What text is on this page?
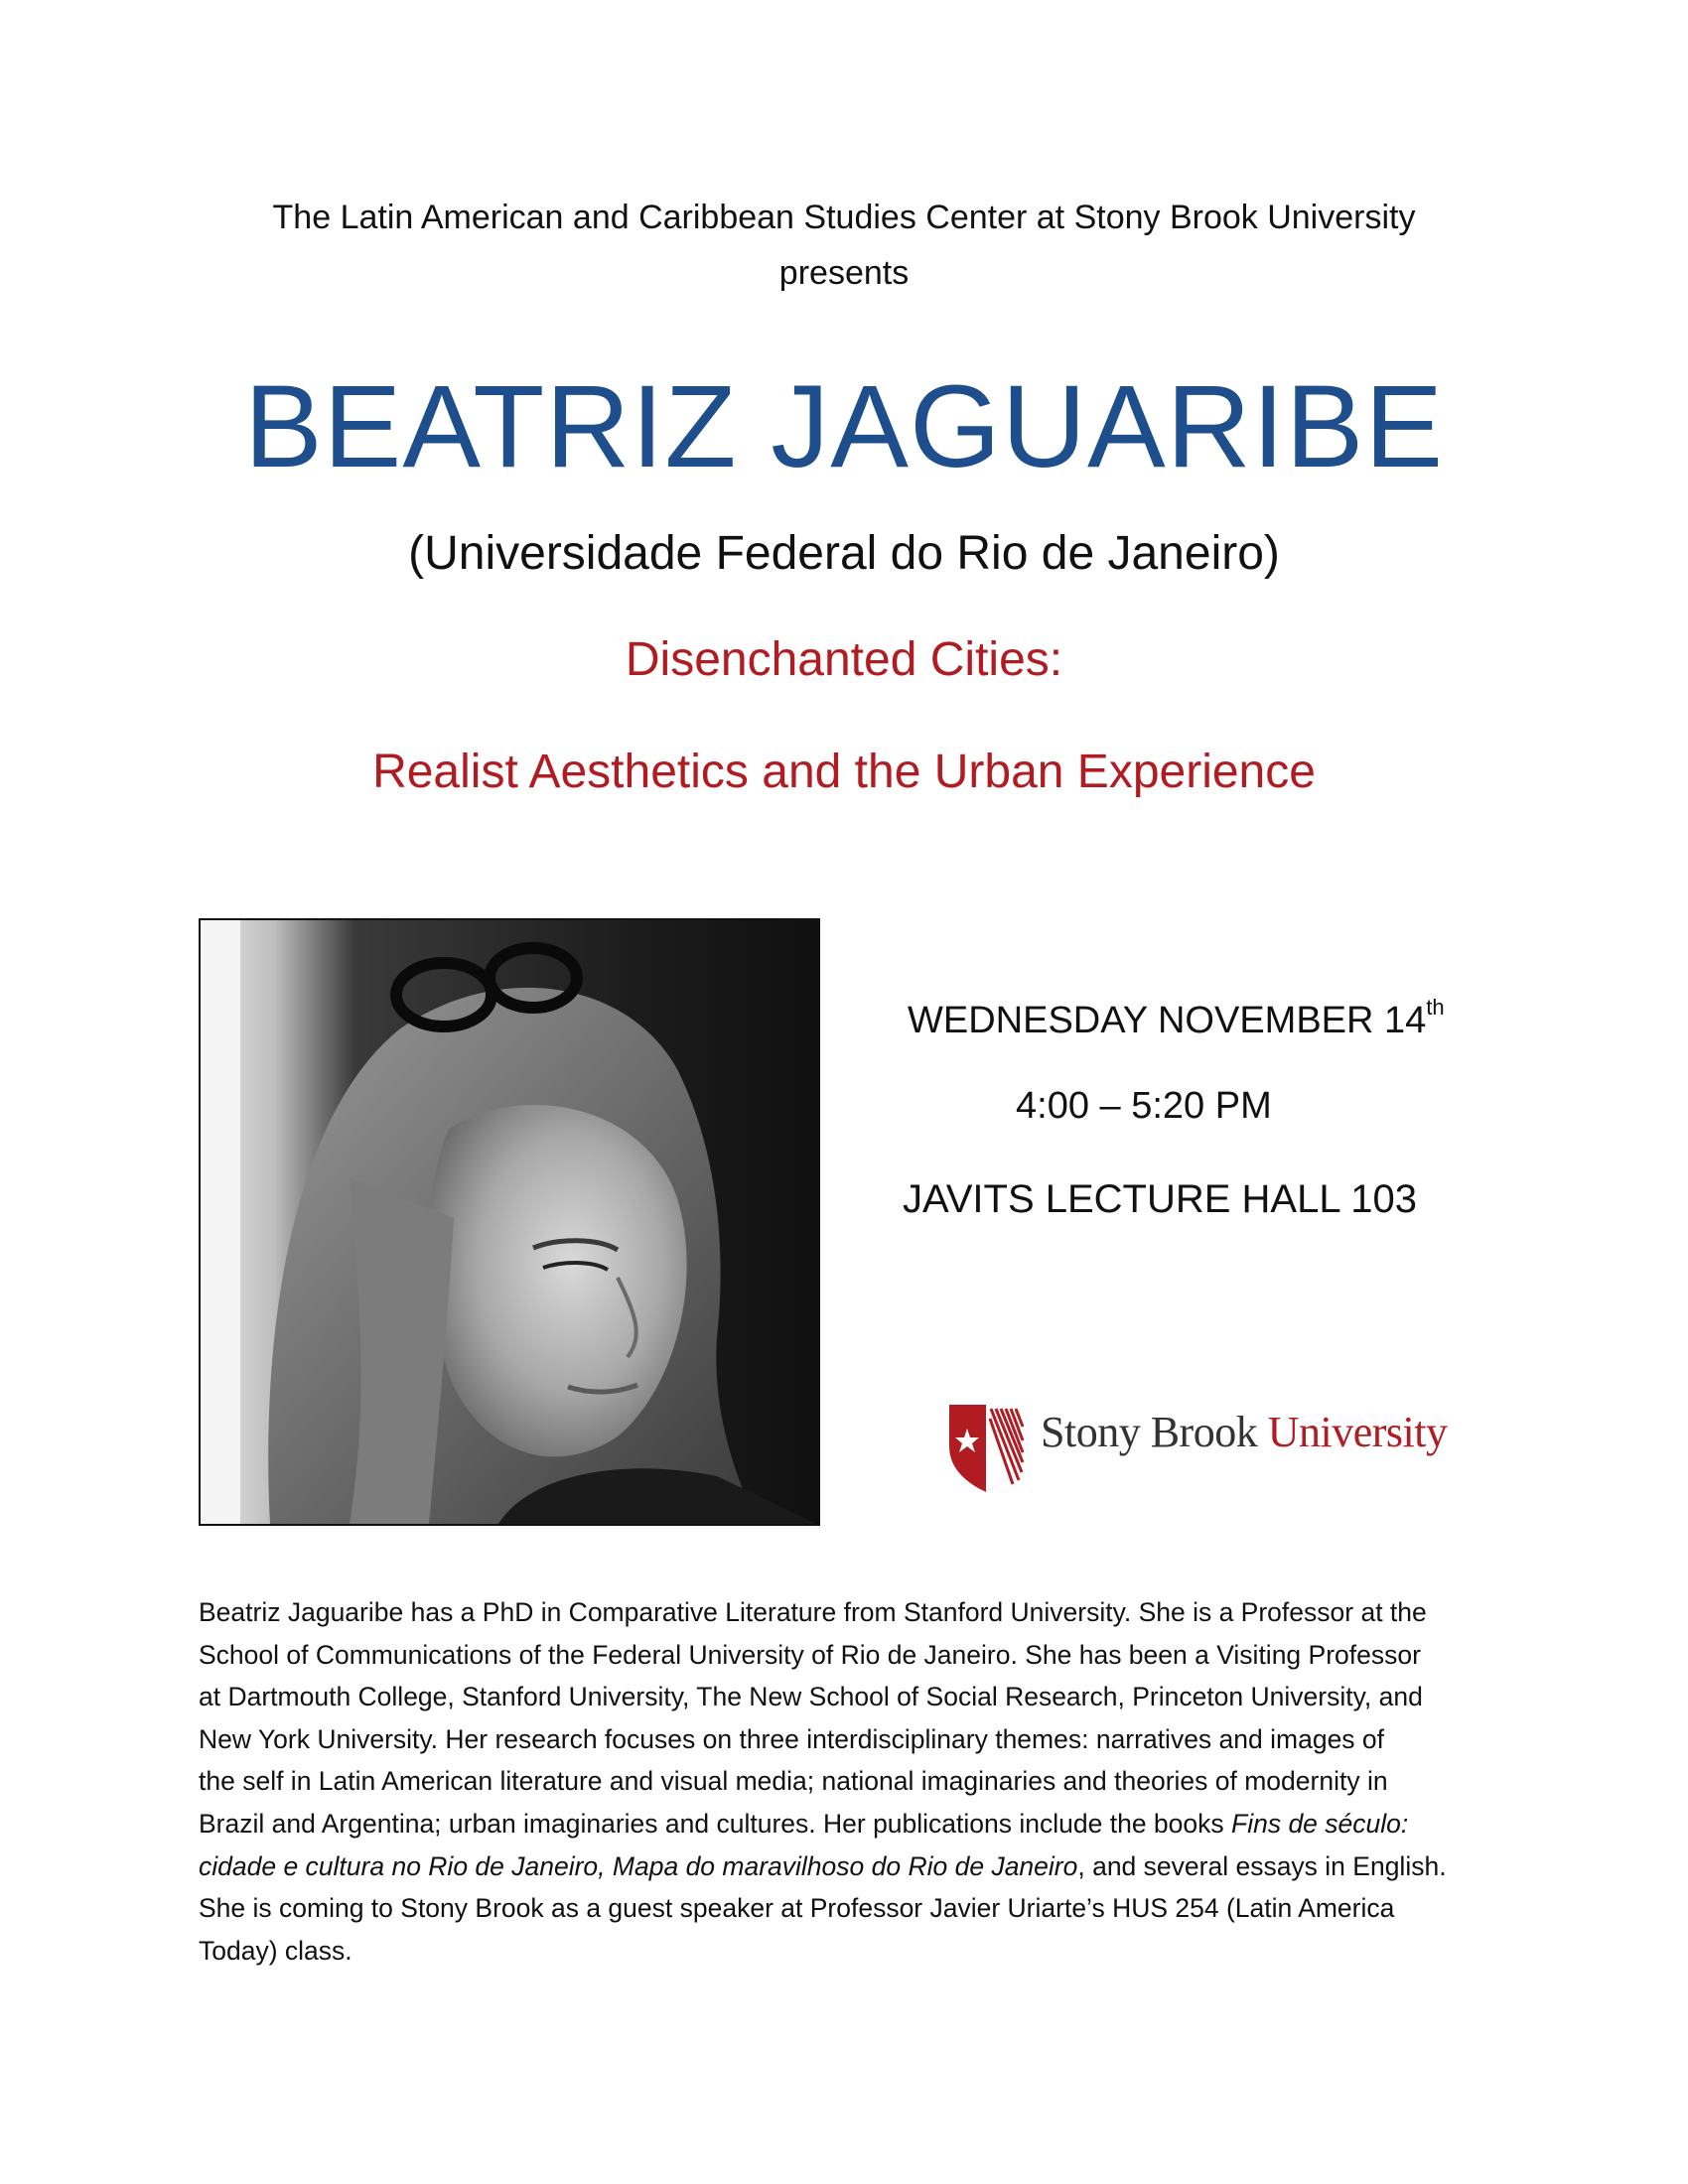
The Latin American and Caribbean Studies Center at Stony Brook University
presents
BEATRIZ JAGUARIBE
(Universidade Federal do Rio de Janeiro)
Disenchanted Cities:
Realist Aesthetics and the Urban Experience
WEDNESDAY NOVEMBER 14th
4:00 – 5:20 PM
JAVITS LECTURE HALL 103
Stony Brook University
Beatriz Jaguaribe has a PhD in Comparative Literature from Stanford University. She is a Professor at the
School of Communications of the Federal University of Rio de Janeiro. She has been a Visiting Professor
at Dartmouth College, Stanford University, The New School of Social Research, Princeton University, and
New York University. Her research focuses on three interdisciplinary themes: narratives and images of
the self in Latin American literature and visual media; national imaginaries and theories of modernity in
Brazil and Argentina; urban imaginaries and cultures. Her publications include the books Fins de século:
cidade e cultura no Rio de Janeiro, Mapa do maravilhoso do Rio de Janeiro, and several essays in English.
She is coming to Stony Brook as a guest speaker at Professor Javier Uriarte’s HUS 254 (Latin America
Today) class.
